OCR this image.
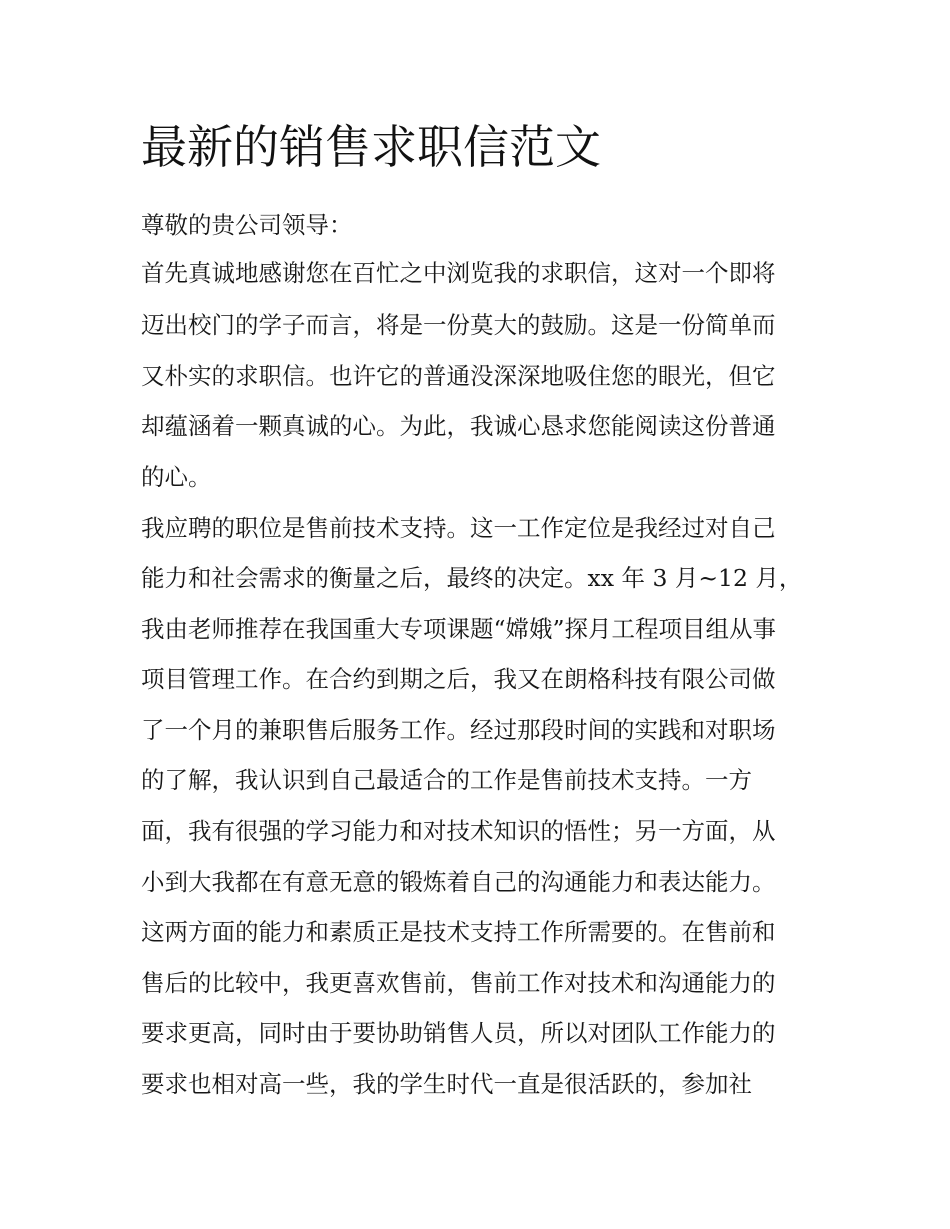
最新的销售求职信范文

尊敬的贵公司领导：

首先真诚地感谢您在百忙之中浏览我的求职信，这对一个即将

迈出校门的学子而言，将是一份莫大的鼓励。这是一份简单而

又朴实的求职信。也许它的普通没深深地吸住您的眼光，但它

却蕴涵着一颗真诚的心。为此，我诚心恳求您能阅读这份普通

的心。

我应聘的职位是售前技术支持。这一工作定位是我经过对自己

能力和社会需求的衡量之后，最终的决定。xx 年 3 月~12 月，

我由老师推荐在我国重大专项课题“嫦娥”探月工程项目组从事

项目管理工作。在合约到期之后，我又在朗格科技有限公司做

了一个月的兼职售后服务工作。经过那段时间的实践和对职场

的了解，我认识到自己最适合的工作是售前技术支持。一方

面，我有很强的学习能力和对技术知识的悟性；另一方面，从

小到大我都在有意无意的锻炼着自己的沟通能力和表达能力。

这两方面的能力和素质正是技术支持工作所需要的。在售前和

售后的比较中，我更喜欢售前，售前工作对技术和沟通能力的

要求更高，同时由于要协助销售人员，所以对团队工作能力的

要求也相对高一些，我的学生时代一直是很活跃的，参加社
